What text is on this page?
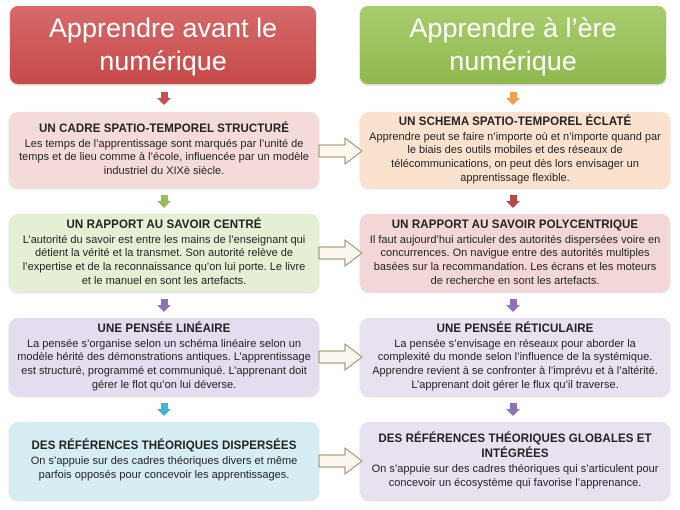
Apprendre avant le numérique
Apprendre à l’ère numérique
UN CADRE SPATIO-TEMPOREL STRUCTURÉ
Les temps de l’apprentissage sont marqués par l’unité de temps et de lieu comme à l’école, influencée par un modèle industriel du XIXè siècle.
UN RAPPORT AU SAVOIR CENTRÉ
L’autorité du savoir est entre les mains de l’enseignant qui détient la vérité et la transmet. Son autorité relève de l’expertise et de la reconnaissance qu’on lui porte. Le livre et le manuel en sont les artefacts.
UNE PENSÉE LINÉAIRE
La pensée s’organise selon un schéma linéaire selon un modèle hérité des démonstrations antiques. L’apprentissage est structuré, programmé et communiqué. L’apprenant doit gérer le flot qu’on lui déverse.
DES RÉFÉRENCES THÉORIQUES DISPERSÉES
On s’appuie sur des cadres théoriques divers et même parfois opposés pour concevoir les apprentissages.
UN SCHEMA SPATIO-TEMPOREL ÉCLATÉ
Apprendre peut se faire n’importe où et n’importe quand par le biais des outils mobiles et des réseaux de télécommunications, on peut dès lors envisager un apprentissage flexible.
UN RAPPORT AU SAVOIR POLYCENTRIQUE
Il faut aujourd’hui articuler des autorités dispersées voire en concurrences. On navigue entre des autorités multiples basées sur la recommandation. Les écrans et les moteurs de recherche en sont les artefacts.
UNE PENSÉE RÉTICULAIRE
La pensée s’envisage en réseaux pour aborder la complexité du monde selon l’influence de la systémique. Apprendre revient à se confronter à l’imprévu et à l’altérité. L’apprenant doit gérer le flux qu’il traverse.
DES RÉFÉRENCES THÉORIQUES GLOBALES ET INTÉGRÉES
On s’appuie sur des cadres théoriques qui s’articulent pour concevoir un écosystème qui favorise l’apprenance.
